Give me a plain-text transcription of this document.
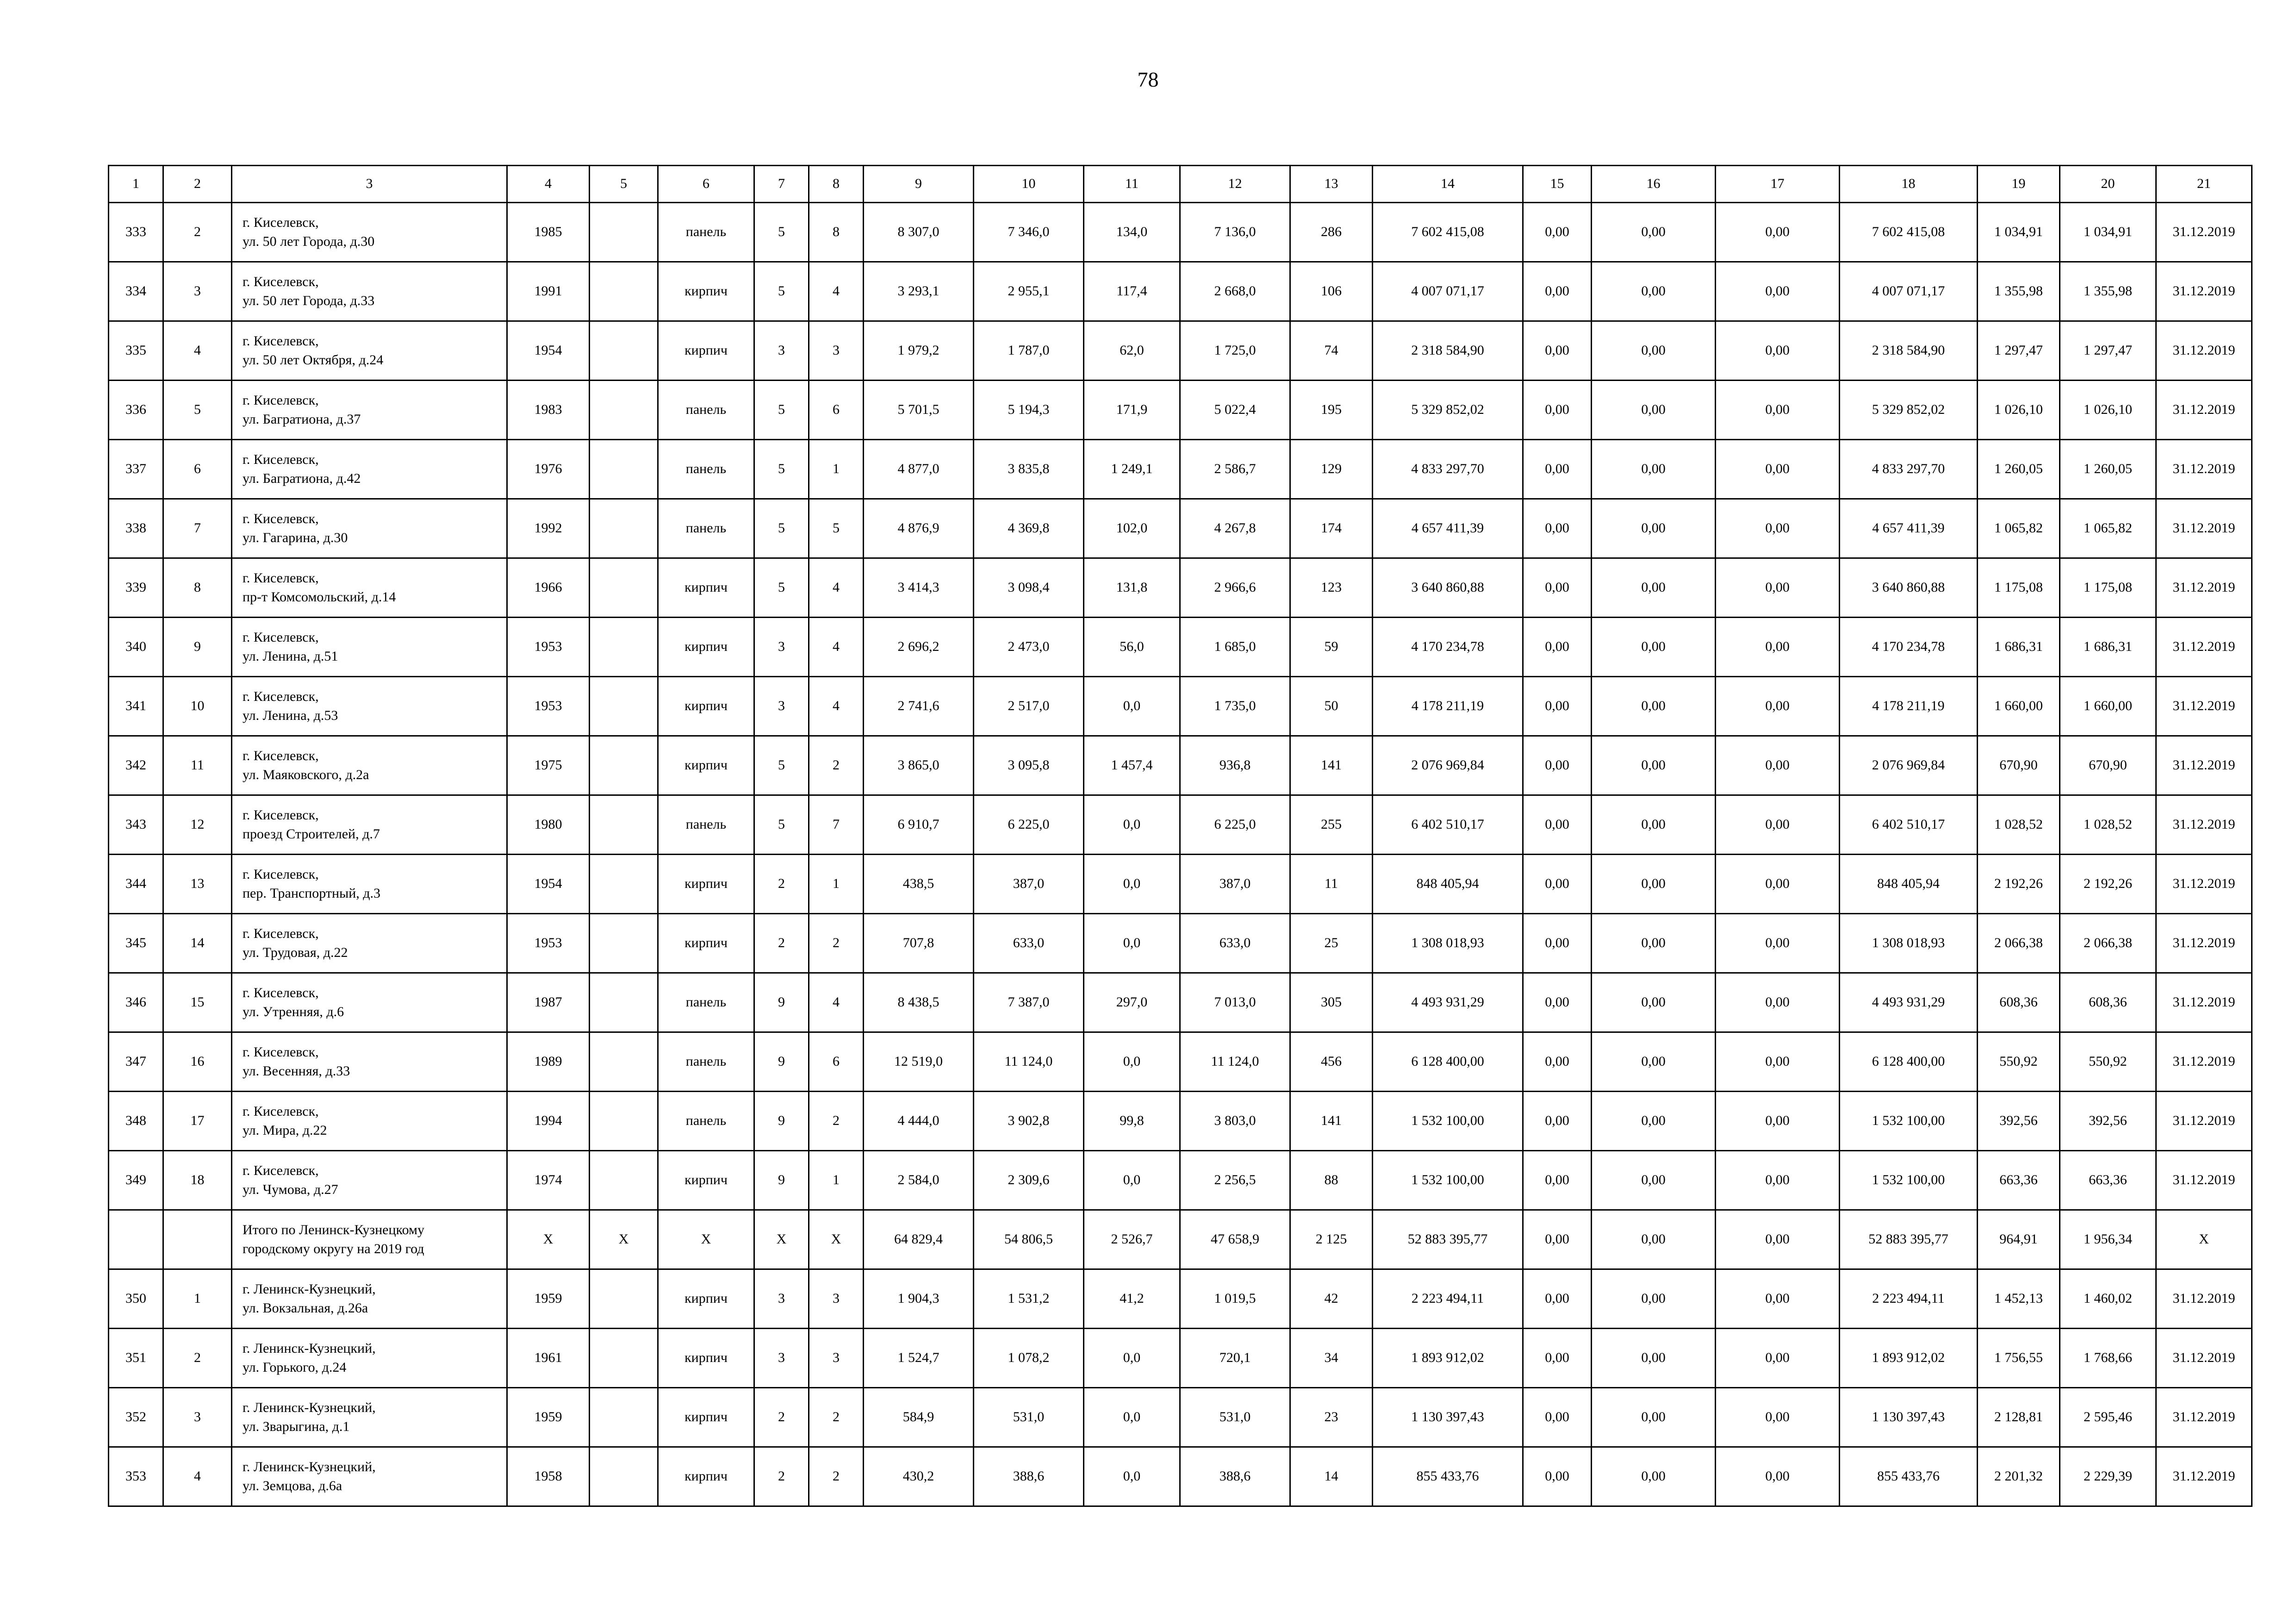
78
1	2	3	4	5	6	7	8	9	10	11	12	13	14	15	16	17	18	19	20	21
333	2	г. Киселевск,
ул. 50 лет Города, д.30	1985		панель	5	8	8 307,0	7 346,0	134,0	7 136,0	286	7 602 415,08	0,00	0,00	0,00	7 602 415,08	1 034,91	1 034,91	31.12.2019
334	3	г. Киселевск,
ул. 50 лет Города, д.33	1991		кирпич	5	4	3 293,1	2 955,1	117,4	2 668,0	106	4 007 071,17	0,00	0,00	0,00	4 007 071,17	1 355,98	1 355,98	31.12.2019
335	4	г. Киселевск,
ул. 50 лет Октября, д.24	1954		кирпич	3	3	1 979,2	1 787,0	62,0	1 725,0	74	2 318 584,90	0,00	0,00	0,00	2 318 584,90	1 297,47	1 297,47	31.12.2019
336	5	г. Киселевск,
ул. Багратиона, д.37	1983		панель	5	6	5 701,5	5 194,3	171,9	5 022,4	195	5 329 852,02	0,00	0,00	0,00	5 329 852,02	1 026,10	1 026,10	31.12.2019
337	6	г. Киселевск,
ул. Багратиона, д.42	1976		панель	5	1	4 877,0	3 835,8	1 249,1	2 586,7	129	4 833 297,70	0,00	0,00	0,00	4 833 297,70	1 260,05	1 260,05	31.12.2019
338	7	г. Киселевск,
ул. Гагарина, д.30	1992		панель	5	5	4 876,9	4 369,8	102,0	4 267,8	174	4 657 411,39	0,00	0,00	0,00	4 657 411,39	1 065,82	1 065,82	31.12.2019
339	8	г. Киселевск,
пр-т Комсомольский, д.14	1966		кирпич	5	4	3 414,3	3 098,4	131,8	2 966,6	123	3 640 860,88	0,00	0,00	0,00	3 640 860,88	1 175,08	1 175,08	31.12.2019
340	9	г. Киселевск,
ул. Ленина, д.51	1953		кирпич	3	4	2 696,2	2 473,0	56,0	1 685,0	59	4 170 234,78	0,00	0,00	0,00	4 170 234,78	1 686,31	1 686,31	31.12.2019
341	10	г. Киселевск,
ул. Ленина, д.53	1953		кирпич	3	4	2 741,6	2 517,0	0,0	1 735,0	50	4 178 211,19	0,00	0,00	0,00	4 178 211,19	1 660,00	1 660,00	31.12.2019
342	11	г. Киселевск,
ул. Маяковского, д.2а	1975		кирпич	5	2	3 865,0	3 095,8	1 457,4	936,8	141	2 076 969,84	0,00	0,00	0,00	2 076 969,84	670,90	670,90	31.12.2019
343	12	г. Киселевск,
проезд Строителей, д.7	1980		панель	5	7	6 910,7	6 225,0	0,0	6 225,0	255	6 402 510,17	0,00	0,00	0,00	6 402 510,17	1 028,52	1 028,52	31.12.2019
344	13	г. Киселевск,
пер. Транспортный, д.3	1954		кирпич	2	1	438,5	387,0	0,0	387,0	11	848 405,94	0,00	0,00	0,00	848 405,94	2 192,26	2 192,26	31.12.2019
345	14	г. Киселевск,
ул. Трудовая, д.22	1953		кирпич	2	2	707,8	633,0	0,0	633,0	25	1 308 018,93	0,00	0,00	0,00	1 308 018,93	2 066,38	2 066,38	31.12.2019
346	15	г. Киселевск,
ул. Утренняя, д.6	1987		панель	9	4	8 438,5	7 387,0	297,0	7 013,0	305	4 493 931,29	0,00	0,00	0,00	4 493 931,29	608,36	608,36	31.12.2019
347	16	г. Киселевск,
ул. Весенняя, д.33	1989		панель	9	6	12 519,0	11 124,0	0,0	11 124,0	456	6 128 400,00	0,00	0,00	0,00	6 128 400,00	550,92	550,92	31.12.2019
348	17	г. Киселевск,
ул. Мира, д.22	1994		панель	9	2	4 444,0	3 902,8	99,8	3 803,0	141	1 532 100,00	0,00	0,00	0,00	1 532 100,00	392,56	392,56	31.12.2019
349	18	г. Киселевск,
ул. Чумова, д.27	1974		кирпич	9	1	2 584,0	2 309,6	0,0	2 256,5	88	1 532 100,00	0,00	0,00	0,00	1 532 100,00	663,36	663,36	31.12.2019

		Итого по Ленинск-Кузнецкому
городскому округу на 2019 год	Х	Х	Х	Х	Х	64 829,4	54 806,5	2 526,7	47 658,9	2 125	52 883 395,77	0,00	0,00	0,00	52 883 395,77	964,91	1 956,34	Х
350	1	г. Ленинск-Кузнецкий,
ул. Вокзальная, д.26а	1959		кирпич	3	3	1 904,3	1 531,2	41,2	1 019,5	42	2 223 494,11	0,00	0,00	0,00	2 223 494,11	1 452,13	1 460,02	31.12.2019
351	2	г. Ленинск-Кузнецкий,
ул. Горького, д.24	1961		кирпич	3	3	1 524,7	1 078,2	0,0	720,1	34	1 893 912,02	0,00	0,00	0,00	1 893 912,02	1 756,55	1 768,66	31.12.2019
352	3	г. Ленинск-Кузнецкий,
ул. Зварыгина, д.1	1959		кирпич	2	2	584,9	531,0	0,0	531,0	23	1 130 397,43	0,00	0,00	0,00	1 130 397,43	2 128,81	2 595,46	31.12.2019
353	4	г. Ленинск-Кузнецкий,
ул. Земцова, д.6а	1958		кирпич	2	2	430,2	388,6	0,0	388,6	14	855 433,76	0,00	0,00	0,00	855 433,76	2 201,32	2 229,39	31.12.2019
